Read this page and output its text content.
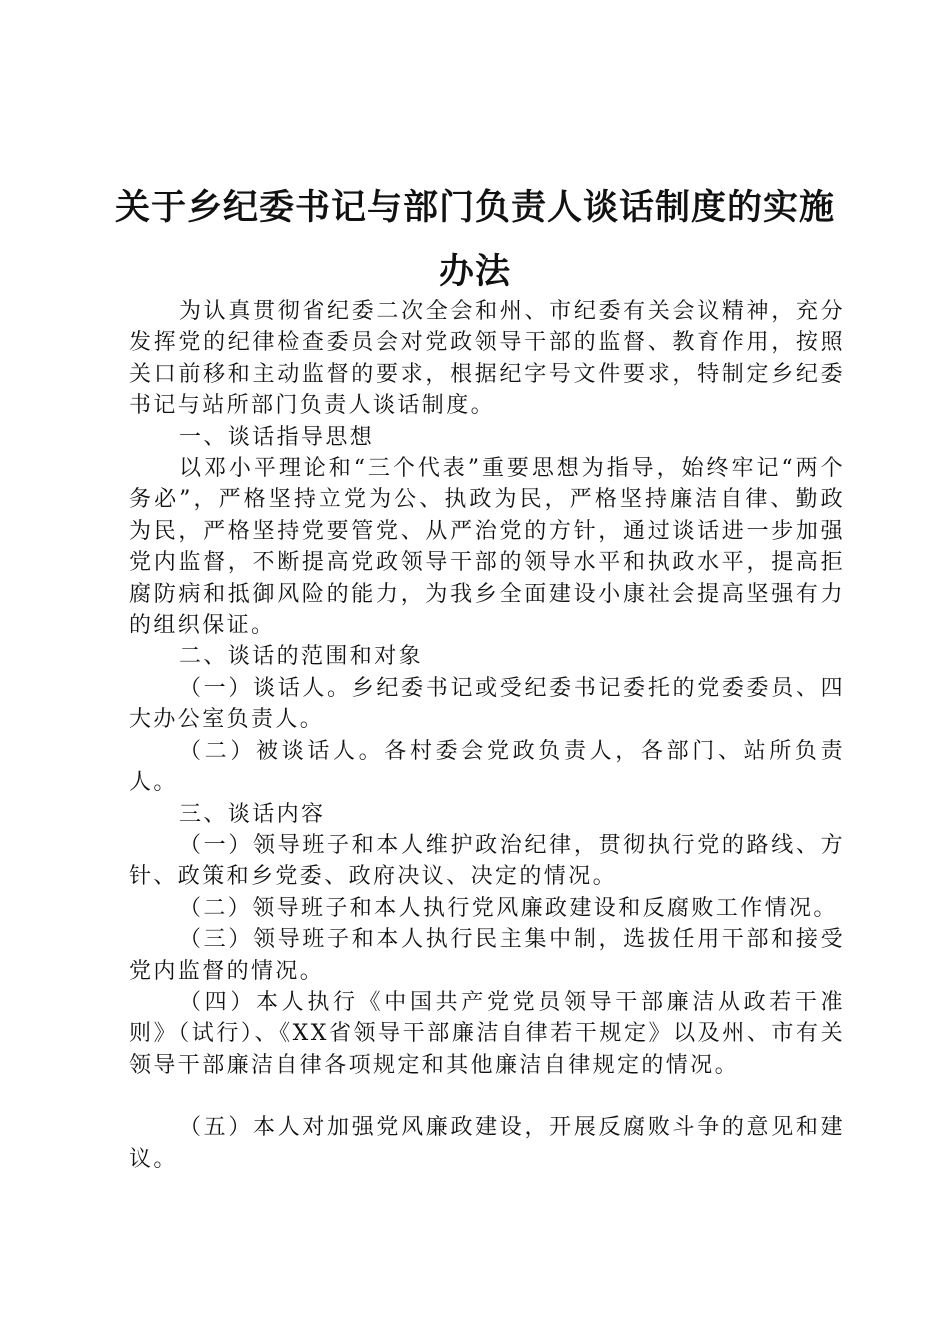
关于乡纪委书记与部门负责人谈话制度的实施办法

为认真贯彻省纪委二次全会和州、市纪委有关会议精神，充分发挥党的纪律检查委员会对党政领导干部的监督、教育作用，按照关口前移和主动监督的要求，根据纪字号文件要求，特制定乡纪委书记与站所部门负责人谈话制度。

一、谈话指导思想

以邓小平理论和“三个代表”重要思想为指导，始终牢记“两个务必”，严格坚持立党为公、执政为民，严格坚持廉洁自律、勤政为民，严格坚持党要管党、从严治党的方针，通过谈话进一步加强党内监督，不断提高党政领导干部的领导水平和执政水平，提高拒腐防病和抵御风险的能力，为我乡全面建设小康社会提高坚强有力的组织保证。

二、谈话的范围和对象

（一）谈话人。乡纪委书记或受纪委书记委托的党委委员、四大办公室负责人。

（二）被谈话人。各村委会党政负责人，各部门、站所负责人。

三、谈话内容

（一）领导班子和本人维护政治纪律，贯彻执行党的路线、方针、政策和乡党委、政府决议、决定的情况。

（二）领导班子和本人执行党风廉政建设和反腐败工作情况。

（三）领导班子和本人执行民主集中制，选拔任用干部和接受党内监督的情况。

（四）本人执行《中国共产党党员领导干部廉洁从政若干准则》（试行）、《XX省领导干部廉洁自律若干规定》以及州、市有关领导干部廉洁自律各项规定和其他廉洁自律规定的情况。

（五）本人对加强党风廉政建设，开展反腐败斗争的意见和建议。
